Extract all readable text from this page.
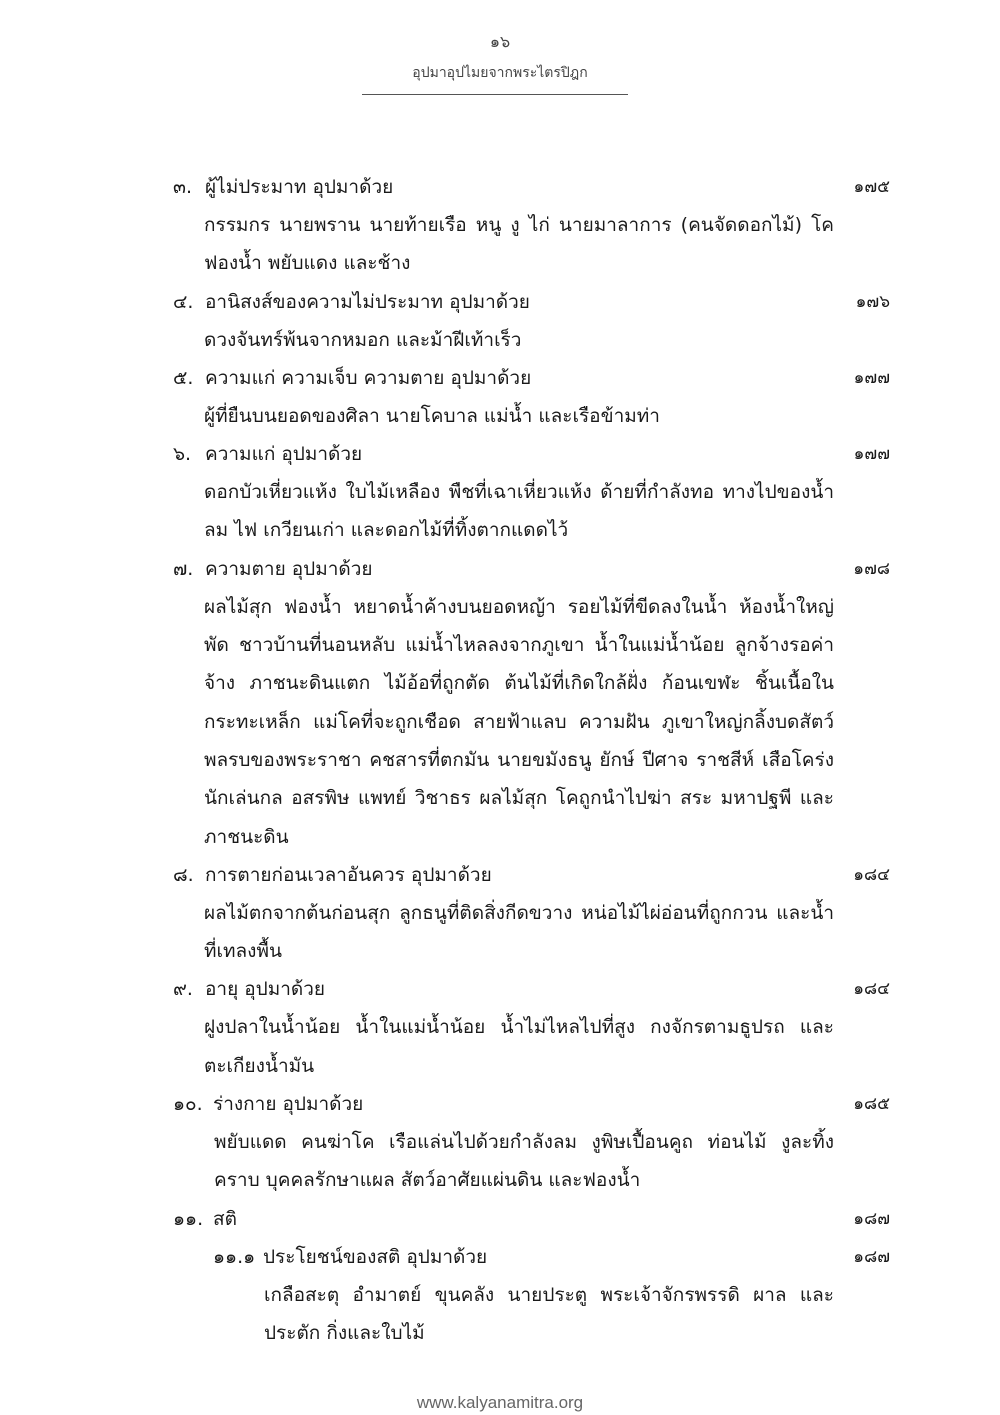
๑๖
อุปมาอุปไมยจากพระไตรปิฎก
๓. ผู้ไม่ประมาท อุปมาด้วย	๑๗๕
กรรมกร นายพราน นายท้ายเรือ หนู งู ไก่ นายมาลาการ (คนจัดดอกไม้) โค ฟองน้ำ พยับแดง และช้าง
๔. อานิสงส์ของความไม่ประมาท อุปมาด้วย	๑๗๖
ดวงจันทร์พ้นจากหมอก และม้าฝีเท้าเร็ว
๕. ความแก่ ความเจ็บ ความตาย อุปมาด้วย	๑๗๗
ผู้ที่ยืนบนยอดของศิลา นายโคบาล แม่น้ำ และเรือข้ามท่า
๖. ความแก่ อุปมาด้วย	๑๗๗
ดอกบัวเหี่ยวแห้ง ใบไม้เหลือง พืชที่เฉาเหี่ยวแห้ง ด้ายที่กำลังทอ ทางไปของน้ำ ลม ไฟ เกวียนเก่า และดอกไม้ที่ทิ้งตากแดดไว้
๗. ความตาย อุปมาด้วย	๑๗๘
ผลไม้สุก ฟองน้ำ หยาดน้ำค้างบนยอดหญ้า รอยไม้ที่ขีดลงในน้ำ ห้องน้ำใหญ่พัด ชาวบ้านที่นอนหลับ แม่น้ำไหลลงจากภูเขา น้ำในแม่น้ำน้อย ลูกจ้างรอค่าจ้าง ภาชนะดินแตก ไม้อ้อที่ถูกตัด ต้นไม้ที่เกิดใกล้ฝั่ง ก้อนเขฬะ ชิ้นเนื้อในกระทะเหล็ก แม่โคที่จะถูกเชือด สายฟ้าแลบ ความฝัน ภูเขาใหญ่กลิ้งบดสัตว์ พลรบของพระราชา คชสารที่ตกมัน นายขมังธนู ยักษ์ ปีศาจ ราชสีห์ เสือโคร่ง นักเล่นกล อสรพิษ แพทย์ วิชาธร ผลไม้สุก โคถูกนำไปฆ่า สระ มหาปฐพี และภาชนะดิน
๘. การตายก่อนเวลาอันควร อุปมาด้วย	๑๘๔
ผลไม้ตกจากต้นก่อนสุก ลูกธนูที่ติดสิ่งกีดขวาง หน่อไม้ไผ่อ่อนที่ถูกกวน และน้ำที่เทลงพื้น
๙. อายุ อุปมาด้วย	๑๘๔
ฝูงปลาในน้ำน้อย น้ำในแม่น้ำน้อย น้ำไม่ไหลไปที่สูง กงจักรตามธูปรถ และตะเกียงน้ำมัน
๑๐. ร่างกาย อุปมาด้วย	๑๘๕
พยับแดด คนฆ่าโค เรือแล่นไปด้วยกำลังลม งูพิษเปื้อนคูถ ท่อนไม้ งูละทิ้งคราบ บุคคลรักษาแผล สัตว์อาศัยแผ่นดิน และฟองน้ำ
๑๑. สติ	๑๘๗
๑๑.๑ ประโยชน์ของสติ อุปมาด้วย	๑๘๗
เกลือสะตุ อำมาตย์ ขุนคลัง นายประตู พระเจ้าจักรพรรดิ ผาล และประตัก กิ่งและใบไม้
www.kalyanamitra.org
